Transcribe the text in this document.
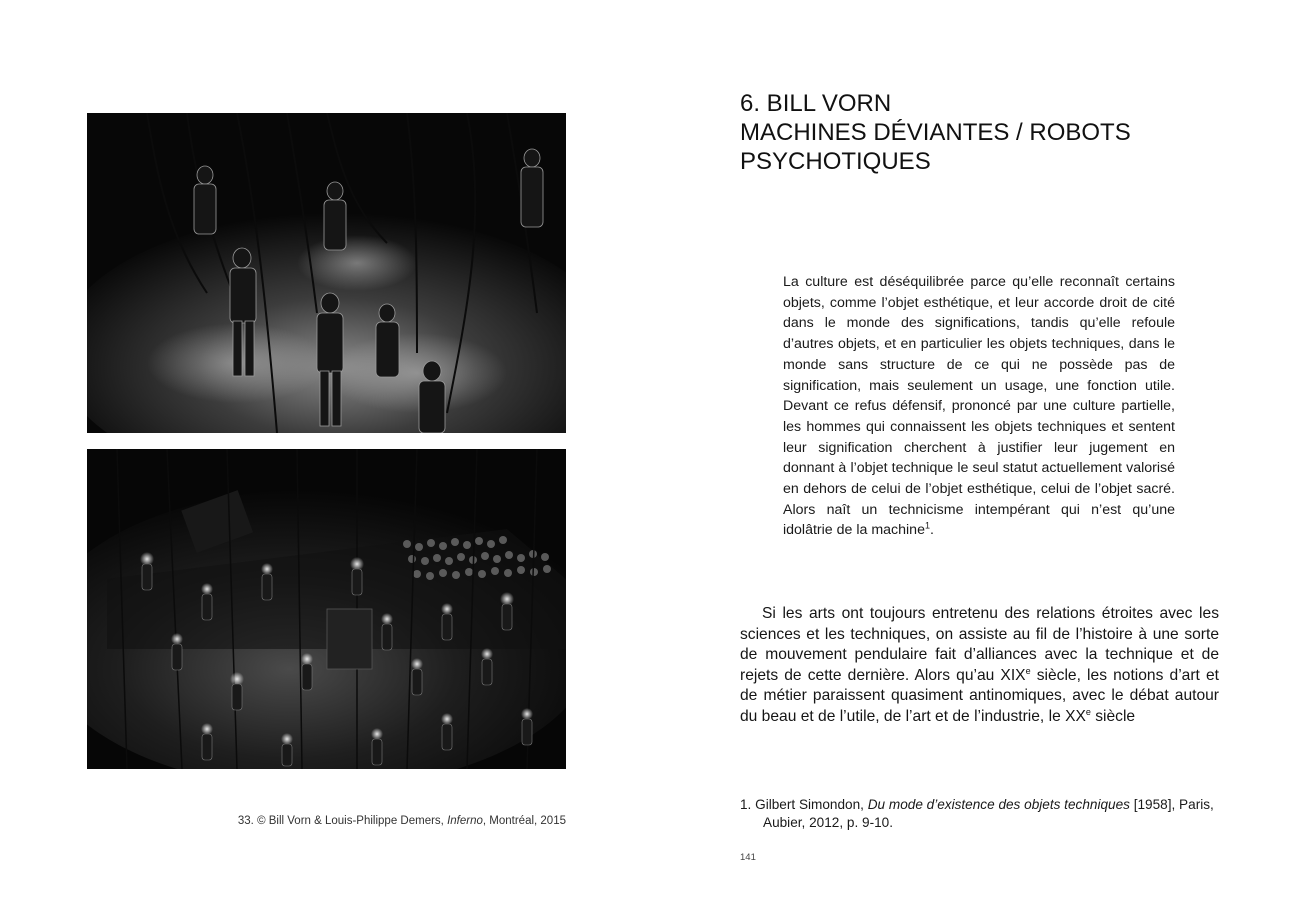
33. © Bill Vorn & Louis-Philippe Demers, Inferno, Montréal, 2015
6. BILL VORN
MACHINES DÉVIANTES / ROBOTS
PSYCHOTIQUES
La culture est déséquilibrée parce qu’elle reconnaît certains objets, comme l’objet esthétique, et leur accorde droit de cité dans le monde des significations, tandis qu’elle refoule d’autres objets, et en particulier les objets techniques, dans le monde sans structure de ce qui ne possède pas de signification, mais seulement un usage, une fonction utile. Devant ce refus défensif, prononcé par une culture partielle, les hommes qui connaissent les objets techniques et sentent leur signification cherchent à justifier leur jugement en donnant à l’objet technique le seul statut actuellement valorisé en dehors de celui de l’objet esthétique, celui de l’objet sacré. Alors naît un technicisme intempérant qui n’est qu’une idolâtrie de la machine$^1$.
Si les arts ont toujours entretenu des relations étroites avec les sciences et les techniques, on assiste au fil de l’histoire à une sorte de mouvement pendulaire fait d’alliances avec la technique et de rejets de cette dernière. Alors qu’au XIXe siècle, les notions d’art et de métier paraissent quasiment antinomiques, avec le débat autour du beau et de l’utile, de l’art et de l’industrie, le XXe siècle
1. Gilbert Simondon, Du mode d’existence des objets techniques [1958], Paris, Aubier, 2012, p. 9-10.
141
